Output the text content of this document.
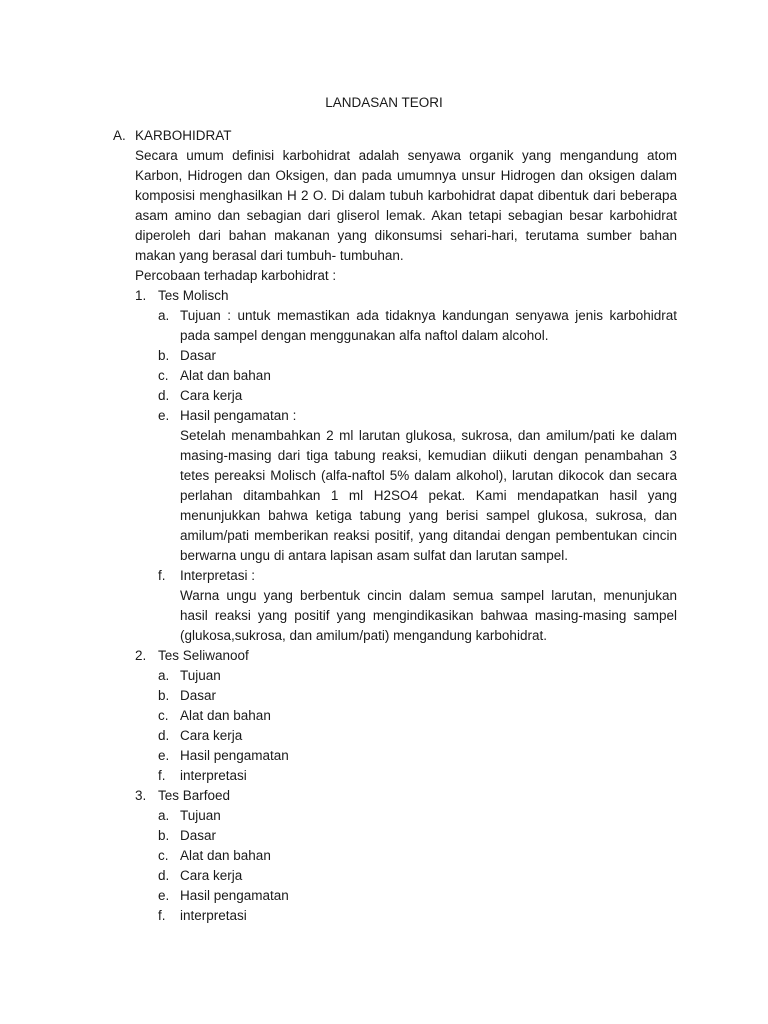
LANDASAN TEORI
A. KARBOHIDRAT
Secara umum definisi karbohidrat adalah senyawa organik yang mengandung atom Karbon, Hidrogen dan Oksigen, dan pada umumnya unsur Hidrogen dan oksigen dalam komposisi menghasilkan H 2 O. Di dalam tubuh karbohidrat dapat dibentuk dari beberapa asam amino dan sebagian dari gliserol lemak. Akan tetapi sebagian besar karbohidrat diperoleh dari bahan makanan yang dikonsumsi sehari-hari, terutama sumber bahan makan yang berasal dari tumbuh- tumbuhan.
Percobaan terhadap karbohidrat :
1. Tes Molisch
a. Tujuan : untuk memastikan ada tidaknya kandungan senyawa jenis karbohidrat pada sampel dengan menggunakan alfa naftol dalam alcohol.
b. Dasar
c. Alat dan bahan
d. Cara kerja
e. Hasil pengamatan :
Setelah menambahkan 2 ml larutan glukosa, sukrosa, dan amilum/pati ke dalam masing-masing dari tiga tabung reaksi, kemudian diikuti dengan penambahan 3 tetes pereaksi Molisch (alfa-naftol 5% dalam alkohol), larutan dikocok dan secara perlahan ditambahkan 1 ml H2SO4 pekat. Kami mendapatkan hasil yang menunjukkan bahwa ketiga tabung yang berisi sampel glukosa, sukrosa, dan amilum/pati memberikan reaksi positif, yang ditandai dengan pembentukan cincin berwarna ungu di antara lapisan asam sulfat dan larutan sampel.
f. Interpretasi :
Warna ungu yang berbentuk cincin dalam semua sampel larutan, menunjukan hasil reaksi yang positif yang mengindikasikan bahwaa masing-masing sampel (glukosa,sukrosa, dan amilum/pati) mengandung karbohidrat.
2. Tes Seliwanoof
a. Tujuan
b. Dasar
c. Alat dan bahan
d. Cara kerja
e. Hasil pengamatan
f. interpretasi
3. Tes Barfoed
a. Tujuan
b. Dasar
c. Alat dan bahan
d. Cara kerja
e. Hasil pengamatan
f. interpretasi
